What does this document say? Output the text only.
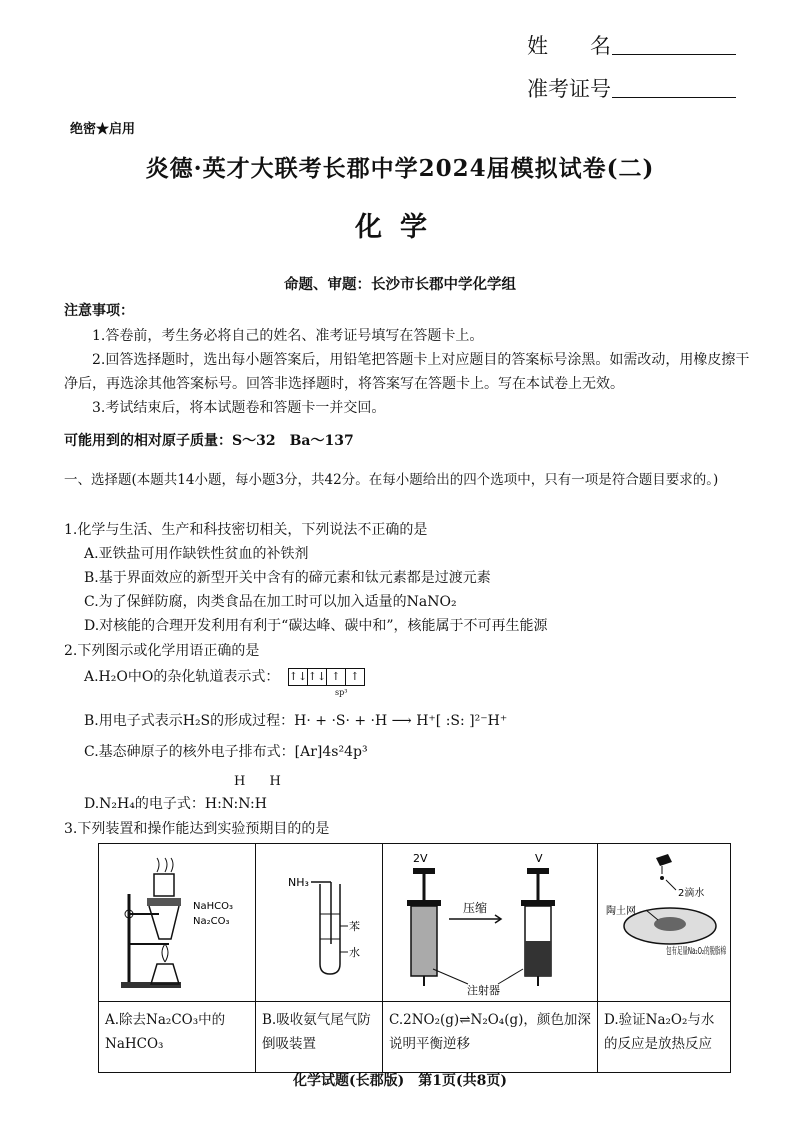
姓　　名
准考证号
绝密★启用
炎德·英才大联考长郡中学2024届模拟试卷(二)
化学
命题、审题：长沙市长郡中学化学组
注意事项：
1.答卷前，考生务必将自己的姓名、准考证号填写在答题卡上。
2.回答选择题时，选出每小题答案后，用铅笔把答题卡上对应题目的答案标号涂黑。如需改动，用橡皮擦干净后，再选涂其他答案标号。回答非选择题时，将答案写在答题卡上。写在本试卷上无效。
3.考试结束后，将本试题卷和答题卡一并交回。
可能用到的相对原子质量：S～32　Ba～137
一、选择题(本题共14小题，每小题3分，共42分。在每小题给出的四个选项中，只有一项是符合题目要求的。)
1.化学与生活、生产和科技密切相关，下列说法不正确的是
A.亚铁盐可用作缺铁性贫血的补铁剂
B.基于界面效应的新型开关中含有的碲元素和钛元素都是过渡元素
C.为了保鲜防腐，肉类食品在加工时可以加入适量的NaNO₂
D.对核能的合理开发利用有利于“碳达峰、碳中和”，核能属于不可再生能源
2.下列图示或化学用语正确的是
A.H₂O中O的杂化轨道表示式： ↑↓ ↑↓ ↑ ↑
sp³
B.用电子式表示H₂S的形成过程：H· + ·S· + ·H ⟶ H⁺[ :S: ]²⁻H⁺
C.基态砷原子的核外电子排布式：[Ar]4s²4p³
H H
D.N₂H₄的电子式：H:N:N:H
3.下列装置和操作能达到实验预期目的的是
NaHCO₃
Na₂CO₃	NH₃
苯
水	2V
压缩
V
注射器	2滴水
陶土网
包有足量Na₂O₂的脱脂棉

A.除去Na₂CO₃中的NaHCO₃	B.吸收氨气尾气防倒吸装置	C.2NO₂(g)⇌N₂O₄(g)，颜色加深说明平衡逆移	D.验证Na₂O₂与水的反应是放热反应
化学试题(长郡版)　第1页(共8页)
